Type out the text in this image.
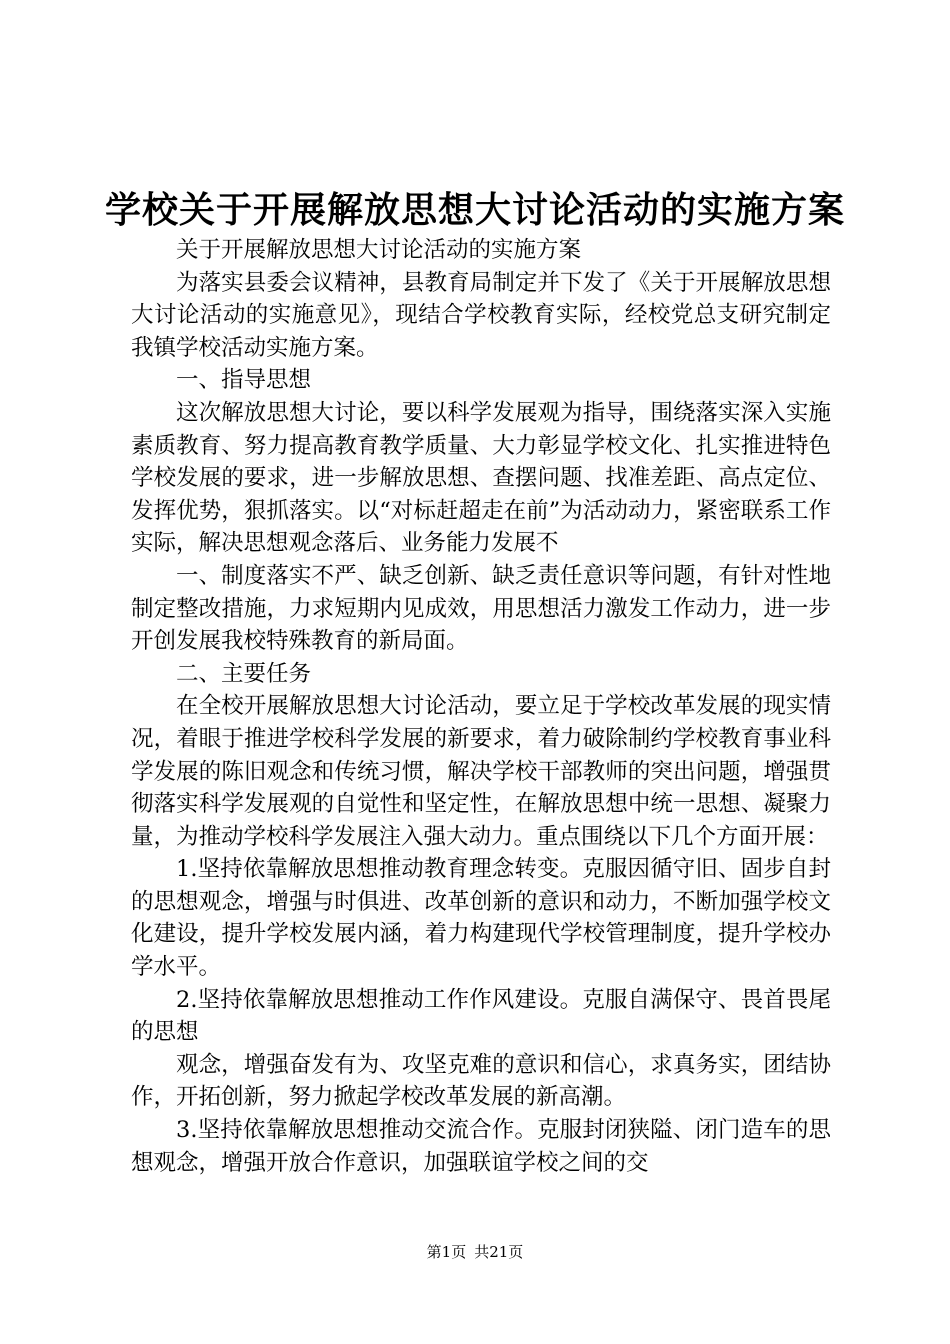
学校关于开展解放思想大讨论活动的实施方案

关于开展解放思想大讨论活动的实施方案

为落实县委会议精神，县教育局制定并下发了《关于开展解放思想大讨论活动的实施意见》，现结合学校教育实际，经校党总支研究制定我镇学校活动实施方案。

一、指导思想

这次解放思想大讨论，要以科学发展观为指导，围绕落实深入实施素质教育、努力提高教育教学质量、大力彰显学校文化、扎实推进特色学校发展的要求，进一步解放思想、查摆问题、找准差距、高点定位、发挥优势，狠抓落实。以“对标赶超走在前”为活动动力，紧密联系工作实际，解决思想观念落后、业务能力发展不

一、制度落实不严、缺乏创新、缺乏责任意识等问题，有针对性地制定整改措施，力求短期内见成效，用思想活力激发工作动力，进一步开创发展我校特殊教育的新局面。

二、主要任务

在全校开展解放思想大讨论活动，要立足于学校改革发展的现实情况，着眼于推进学校科学发展的新要求，着力破除制约学校教育事业科学发展的陈旧观念和传统习惯，解决学校干部教师的突出问题，增强贯彻落实科学发展观的自觉性和坚定性，在解放思想中统一思想、凝聚力量，为推动学校科学发展注入强大动力。重点围绕以下几个方面开展：

1.坚持依靠解放思想推动教育理念转变。克服因循守旧、固步自封的思想观念，增强与时俱进、改革创新的意识和动力，不断加强学校文化建设，提升学校发展内涵，着力构建现代学校管理制度，提升学校办学水平。

2.坚持依靠解放思想推动工作作风建设。克服自满保守、畏首畏尾的思想

观念，增强奋发有为、攻坚克难的意识和信心，求真务实，团结协作，开拓创新，努力掀起学校改革发展的新高潮。

3.坚持依靠解放思想推动交流合作。克服封闭狭隘、闭门造车的思想观念，增强开放合作意识，加强联谊学校之间的交

第1页 共21页
